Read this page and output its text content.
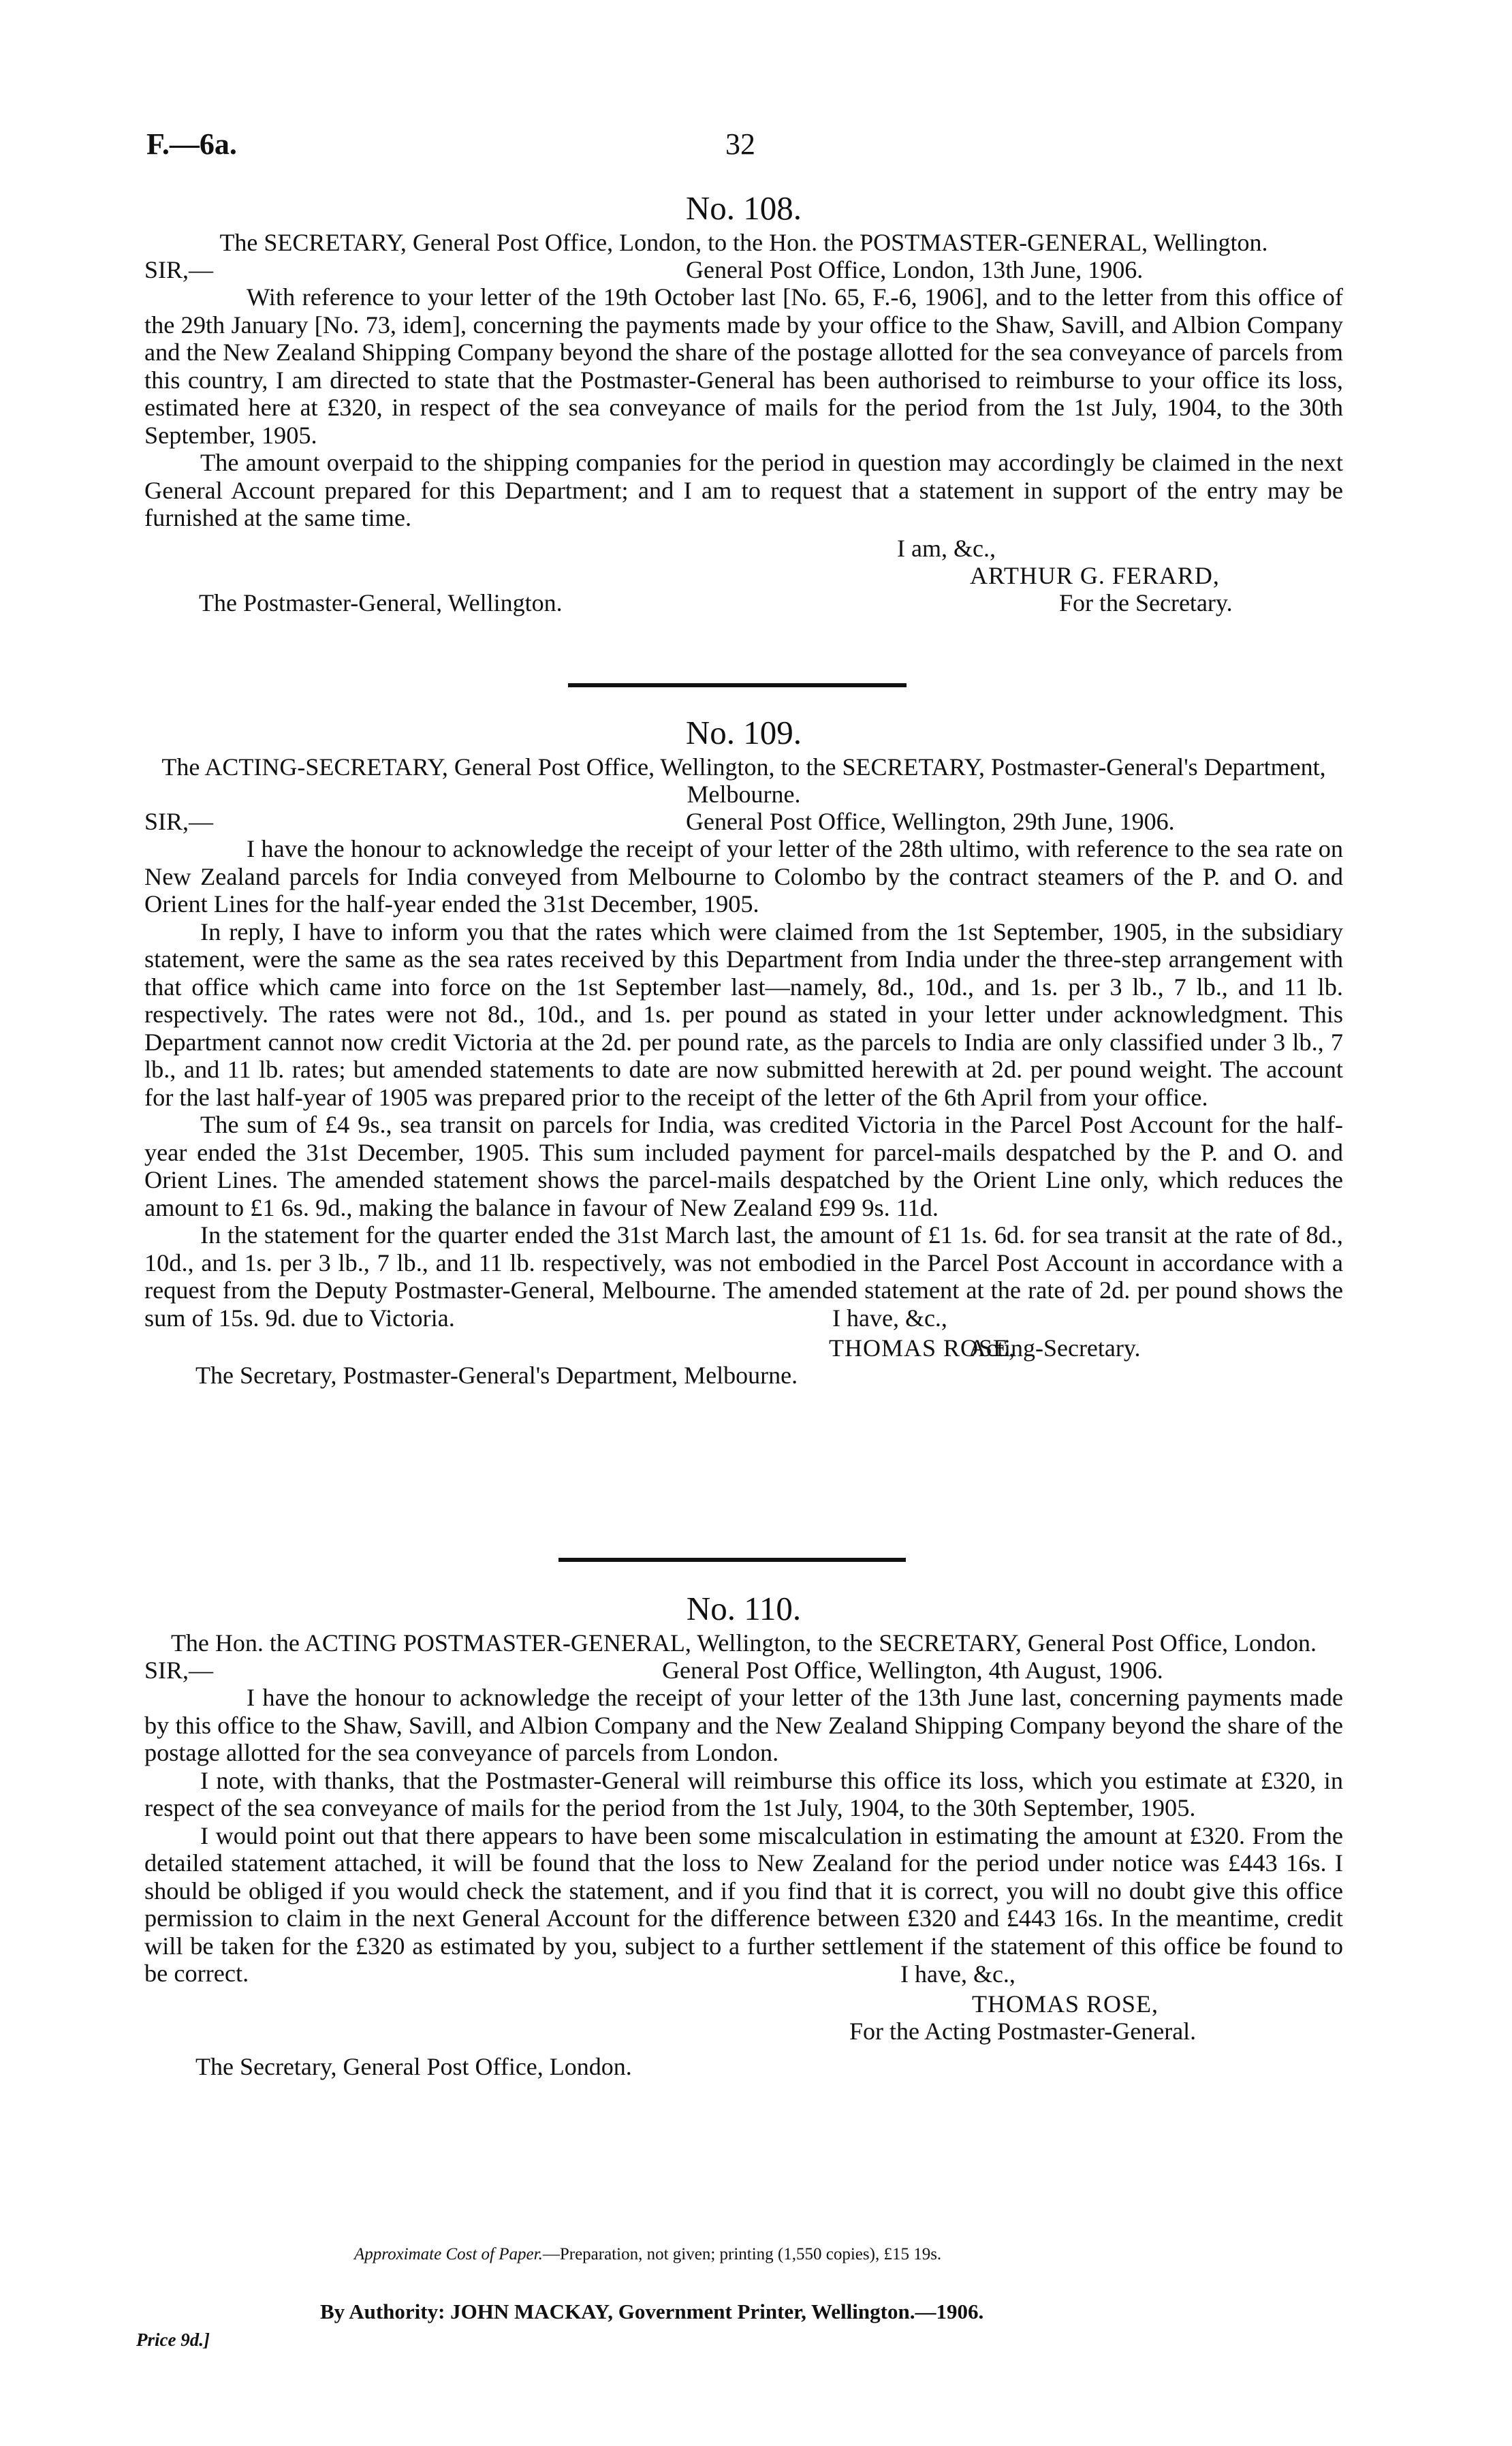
F.—6a.	32
No. 108.
The SECRETARY, General Post Office, London, to the Hon. the POSTMASTER-GENERAL, Wellington.
SIR,—	General Post Office, London, 13th June, 1906.

With reference to your letter of the 19th October last [No. 65, F.-6, 1906], and to the letter from this office of the 29th January [No. 73, idem], concerning the payments made by your office to the Shaw, Savill, and Albion Company and the New Zealand Shipping Company beyond the share of the postage allotted for the sea conveyance of parcels from this country, I am directed to state that the Postmaster-General has been authorised to reimburse to your office its loss, estimated here at £320, in respect of the sea conveyance of mails for the period from the 1st July, 1904, to the 30th September, 1905.

The amount overpaid to the shipping companies for the period in question may accordingly be claimed in the next General Account prepared for this Department; and I am to request that a statement in support of the entry may be furnished at the same time.

I am, &c.,
ARTHUR G. FERARD,
The Postmaster-General, Wellington.	For the Secretary.
No. 109.
The ACTING-SECRETARY, General Post Office, Wellington, to the SECRETARY, Postmaster-General's Department, Melbourne.
SIR,—	General Post Office, Wellington, 29th June, 1906.

I have the honour to acknowledge the receipt of your letter of the 28th ultimo, with reference to the sea rate on New Zealand parcels for India conveyed from Melbourne to Colombo by the contract steamers of the P. and O. and Orient Lines for the half-year ended the 31st December, 1905.

In reply, I have to inform you that the rates which were claimed from the 1st September, 1905, in the subsidiary statement, were the same as the sea rates received by this Department from India under the three-step arrangement with that office which came into force on the 1st September last—namely, 8d., 10d., and 1s. per 3 lb., 7 lb., and 11 lb. respectively. The rates were not 8d., 10d., and 1s. per pound as stated in your letter under acknowledgment. This Department cannot now credit Victoria at the 2d. per pound rate, as the parcels to India are only classified under 3 lb., 7 lb., and 11 lb. rates; but amended statements to date are now submitted herewith at 2d. per pound weight. The account for the last half-year of 1905 was prepared prior to the receipt of the letter of the 6th April from your office.

The sum of £4 9s., sea transit on parcels for India, was credited Victoria in the Parcel Post Account for the half-year ended the 31st December, 1905. This sum included payment for parcel-mails despatched by the P. and O. and Orient Lines. The amended statement shows the parcel-mails despatched by the Orient Line only, which reduces the amount to £1 6s. 9d., making the balance in favour of New Zealand £99 9s. 11d.

In the statement for the quarter ended the 31st March last, the amount of £1 1s. 6d. for sea transit at the rate of 8d., 10d., and 1s. per 3 lb., 7 lb., and 11 lb. respectively, was not embodied in the Parcel Post Account in accordance with a request from the Deputy Postmaster-General, Melbourne. The amended statement at the rate of 2d. per pound shows the sum of 15s. 9d. due to Victoria.	I have, &c.,
THOMAS ROSE,
Acting-Secretary.
The Secretary, Postmaster-General's Department, Melbourne.
No. 110.
The Hon. the ACTING POSTMASTER-GENERAL, Wellington, to the SECRETARY, General Post Office, London.
SIR,—	General Post Office, Wellington, 4th August, 1906.

I have the honour to acknowledge the receipt of your letter of the 13th June last, concerning payments made by this office to the Shaw, Savill, and Albion Company and the New Zealand Shipping Company beyond the share of the postage allotted for the sea conveyance of parcels from London.

I note, with thanks, that the Postmaster-General will reimburse this office its loss, which you estimate at £320, in respect of the sea conveyance of mails for the period from the 1st July, 1904, to the 30th September, 1905.

I would point out that there appears to have been some miscalculation in estimating the amount at £320. From the detailed statement attached, it will be found that the loss to New Zealand for the period under notice was £443 16s. I should be obliged if you would check the statement, and if you find that it is correct, you will no doubt give this office permission to claim in the next General Account for the difference between £320 and £443 16s. In the meantime, credit will be taken for the £320 as estimated by you, subject to a further settlement if the statement of this office be found to be correct.	I have, &c.,
THOMAS ROSE,
For the Acting Postmaster-General.
The Secretary, General Post Office, London.
Approximate Cost of Paper.—Preparation, not given; printing (1,550 copies), £15 19s.
By Authority: JOHN MACKAY, Government Printer, Wellington.—1906.
Price 9d.]
